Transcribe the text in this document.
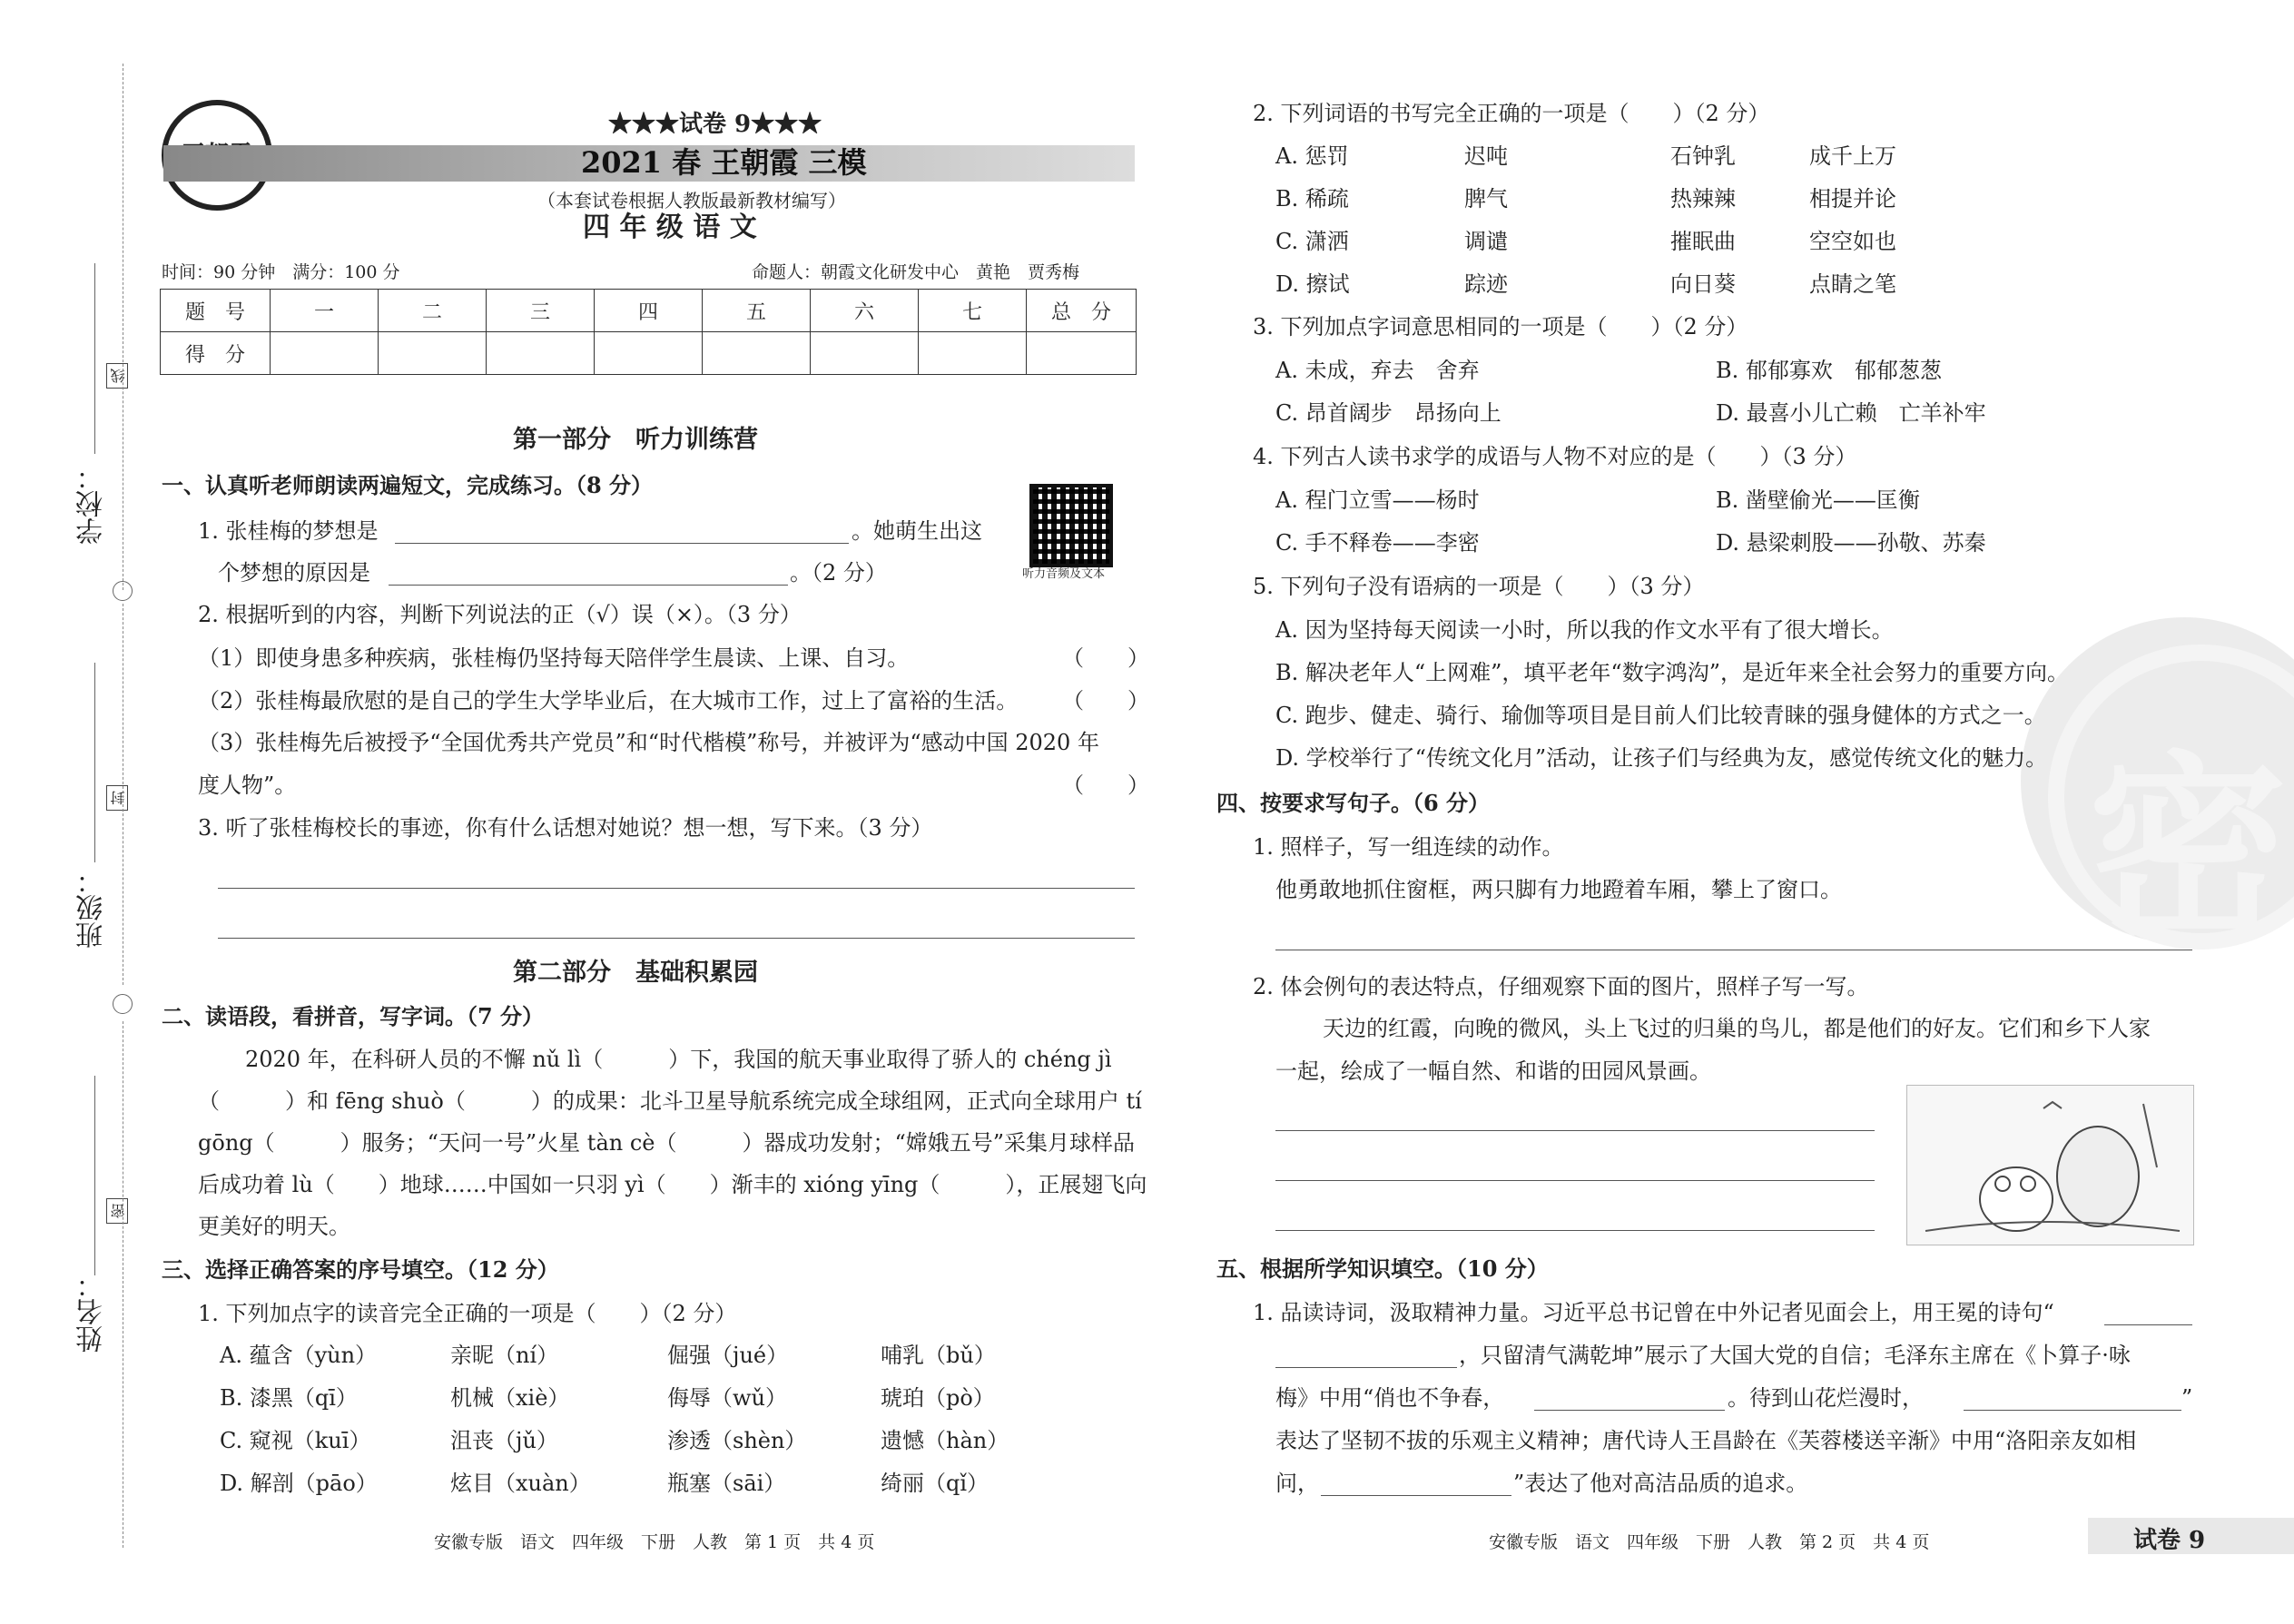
学校：
线
班级：
封
姓名：
密
★★★试卷 9★★★
2021 春 王朝霞 三模
（本套试卷根据人教版最新教材编写）
四 年 级 语 文
时间：90 分钟　满分：100 分	命题人：朝霞文化研发中心　黄艳　贾秀梅
题　号	一	二	三	四	五	六	七	总　分
得　分								
第一部分　听力训练营
一、认真听老师朗读两遍短文，完成练习。（8 分）
听力音频及文本
1. 张桂梅的梦想是	。她萌生出这
个梦想的原因是	。（2 分）
2. 根据听到的内容，判断下列说法的正（√）误（×）。（3 分）
（1）即使身患多种疾病，张桂梅仍坚持每天陪伴学生晨读、上课、自习。	（　　）
（2）张桂梅最欣慰的是自己的学生大学毕业后，在大城市工作，过上了富裕的生活。 （　　）
（3）张桂梅先后被授予“全国优秀共产党员”和“时代楷模”称号，并被评为“感动中国 2020 年
度人物”。	（　　）
3. 听了张桂梅校长的事迹，你有什么话想对她说？想一想，写下来。（3 分）
第二部分　基础积累园
二、读语段，看拼音，写字词。（7 分）
2020 年，在科研人员的不懈 nǔ lì（　　　）下，我国的航天事业取得了骄人的 chéng jì
（　　　）和 fēng shuò（　　　）的成果：北斗卫星导航系统完成全球组网，正式向全球用户 tí
gōng（　　　）服务；“天问一号”火星 tàn cè（　　　）器成功发射；“嫦娥五号”采集月球样品
后成功着 lù（　　）地球……中国如一只羽 yì（　　）渐丰的 xióng yīng（　　　），正展翅飞向
更美好的明天。
三、选择正确答案的序号填空。（12 分）
1. 下列加点字的读音完全正确的一项是（　　）（2 分）
A. 蕴含（yùn）	亲昵（ní）	倔强（jué）	哺乳（bǔ）
B. 漆黑（qī）	机械（xiè）	侮辱（wǔ）	琥珀（pò）
C. 窥视（kuī）	沮丧（jǔ）	渗透（shèn）	遗憾（hàn）
D. 解剖（pāo）	炫目（xuàn）	瓶塞（sāi）	绮丽（qǐ）
安徽专版　语文　四年级　下册　人教　第 1 页　共 4 页
密
2. 下列词语的书写完全正确的一项是（　　）（2 分）
A. 惩罚	迟吨	石钟乳	成千上万
B. 稀疏	脾气	热辣辣	相提并论
C. 潇洒	调谴	摧眠曲	空空如也
D. 擦试	踪迹	向日葵	点睛之笔
3. 下列加点字词意思相同的一项是（　　）（2 分）
A. 未成，弃去　舍弃	B. 郁郁寡欢　郁郁葱葱
C. 昂首阔步　昂扬向上	D. 最喜小儿亡赖　亡羊补牢
4. 下列古人读书求学的成语与人物不对应的是（　　）（3 分）
A. 程门立雪——杨时	B. 凿壁偷光——匡衡
C. 手不释卷——李密	D. 悬梁刺股——孙敬、苏秦
5. 下列句子没有语病的一项是（　　）（3 分）
A. 因为坚持每天阅读一小时，所以我的作文水平有了很大增长。
B. 解决老年人“上网难”，填平老年“数字鸿沟”，是近年来全社会努力的重要方向。
C. 跑步、健走、骑行、瑜伽等项目是目前人们比较青睐的强身健体的方式之一。
D. 学校举行了“传统文化月”活动，让孩子们与经典为友，感觉传统文化的魅力。
四、按要求写句子。（6 分）
1. 照样子，写一组连续的动作。
他勇敢地抓住窗框，两只脚有力地蹬着车厢，攀上了窗口。
2. 体会例句的表达特点，仔细观察下面的图片，照样子写一写。
天边的红霞，向晚的微风，头上飞过的归巢的鸟儿，都是他们的好友。它们和乡下人家
一起，绘成了一幅自然、和谐的田园风景画。
五、根据所学知识填空。（10 分）
1. 品读诗词，汲取精神力量。习近平总书记曾在中外记者见面会上，用王冕的诗句“
，只留清气满乾坤”展示了大国大党的自信；毛泽东主席在《卜算子·咏
梅》中用“俏也不争春，	。待到山花烂漫时，	”
表达了坚韧不拔的乐观主义精神；唐代诗人王昌龄在《芙蓉楼送辛渐》中用“洛阳亲友如相
问，	”表达了他对高洁品质的追求。
安徽专版　语文　四年级　下册　人教　第 2 页　共 4 页	试卷 9
